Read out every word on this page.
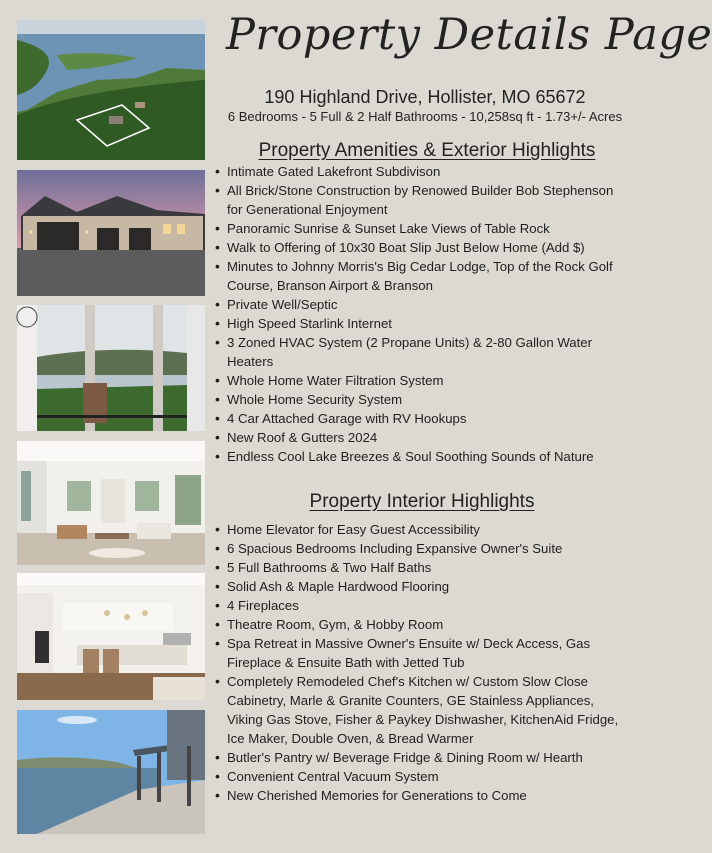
Property Details Page
190 Highland Drive, Hollister, MO 65672
6 Bedrooms - 5 Full & 2 Half Bathrooms - 10,258sq ft - 1.73+/- Acres
Property Amenities & Exterior Highlights
• Intimate Gated Lakefront Subdivison
• All Brick/Stone Construction by Renowed Builder Bob Stephenson for Generational Enjoyment
• Panoramic Sunrise & Sunset Lake Views of Table Rock
• Walk to Offering of 10x30 Boat Slip Just Below Home (Add $)
• Minutes to Johnny Morris's Big Cedar Lodge, Top of the Rock Golf Course, Branson Airport & Branson
• Private Well/Septic
• High Speed Starlink Internet
• 3 Zoned HVAC System (2 Propane Units) & 2-80 Gallon Water Heaters
• Whole Home Water Filtration System
• Whole Home Security System
• 4 Car Attached Garage with RV Hookups
• New Roof & Gutters 2024
• Endless Cool Lake Breezes & Soul Soothing Sounds of Nature
Property Interior Highlights
• Home Elevator for Easy Guest Accessibility
• 6 Spacious Bedrooms Including Expansive Owner's Suite
• 5 Full Bathrooms & Two Half Baths
• Solid Ash & Maple Hardwood Flooring
• 4 Fireplaces
• Theatre Room, Gym, & Hobby Room
• Spa Retreat in Massive Owner's Ensuite w/ Deck Access, Gas Fireplace & Ensuite Bath with Jetted Tub
• Completely Remodeled Chef's Kitchen w/ Custom Slow Close Cabinetry, Marle & Granite Counters, GE Stainless Appliances, Viking Gas Stove, Fisher & Paykey Dishwasher, KitchenAid Fridge, Ice Maker, Double Oven, & Bread Warmer
• Butler's Pantry w/ Beverage Fridge & Dining Room w/ Hearth
• Convenient Central Vacuum System
• New Cherished Memories for Generations to Come
